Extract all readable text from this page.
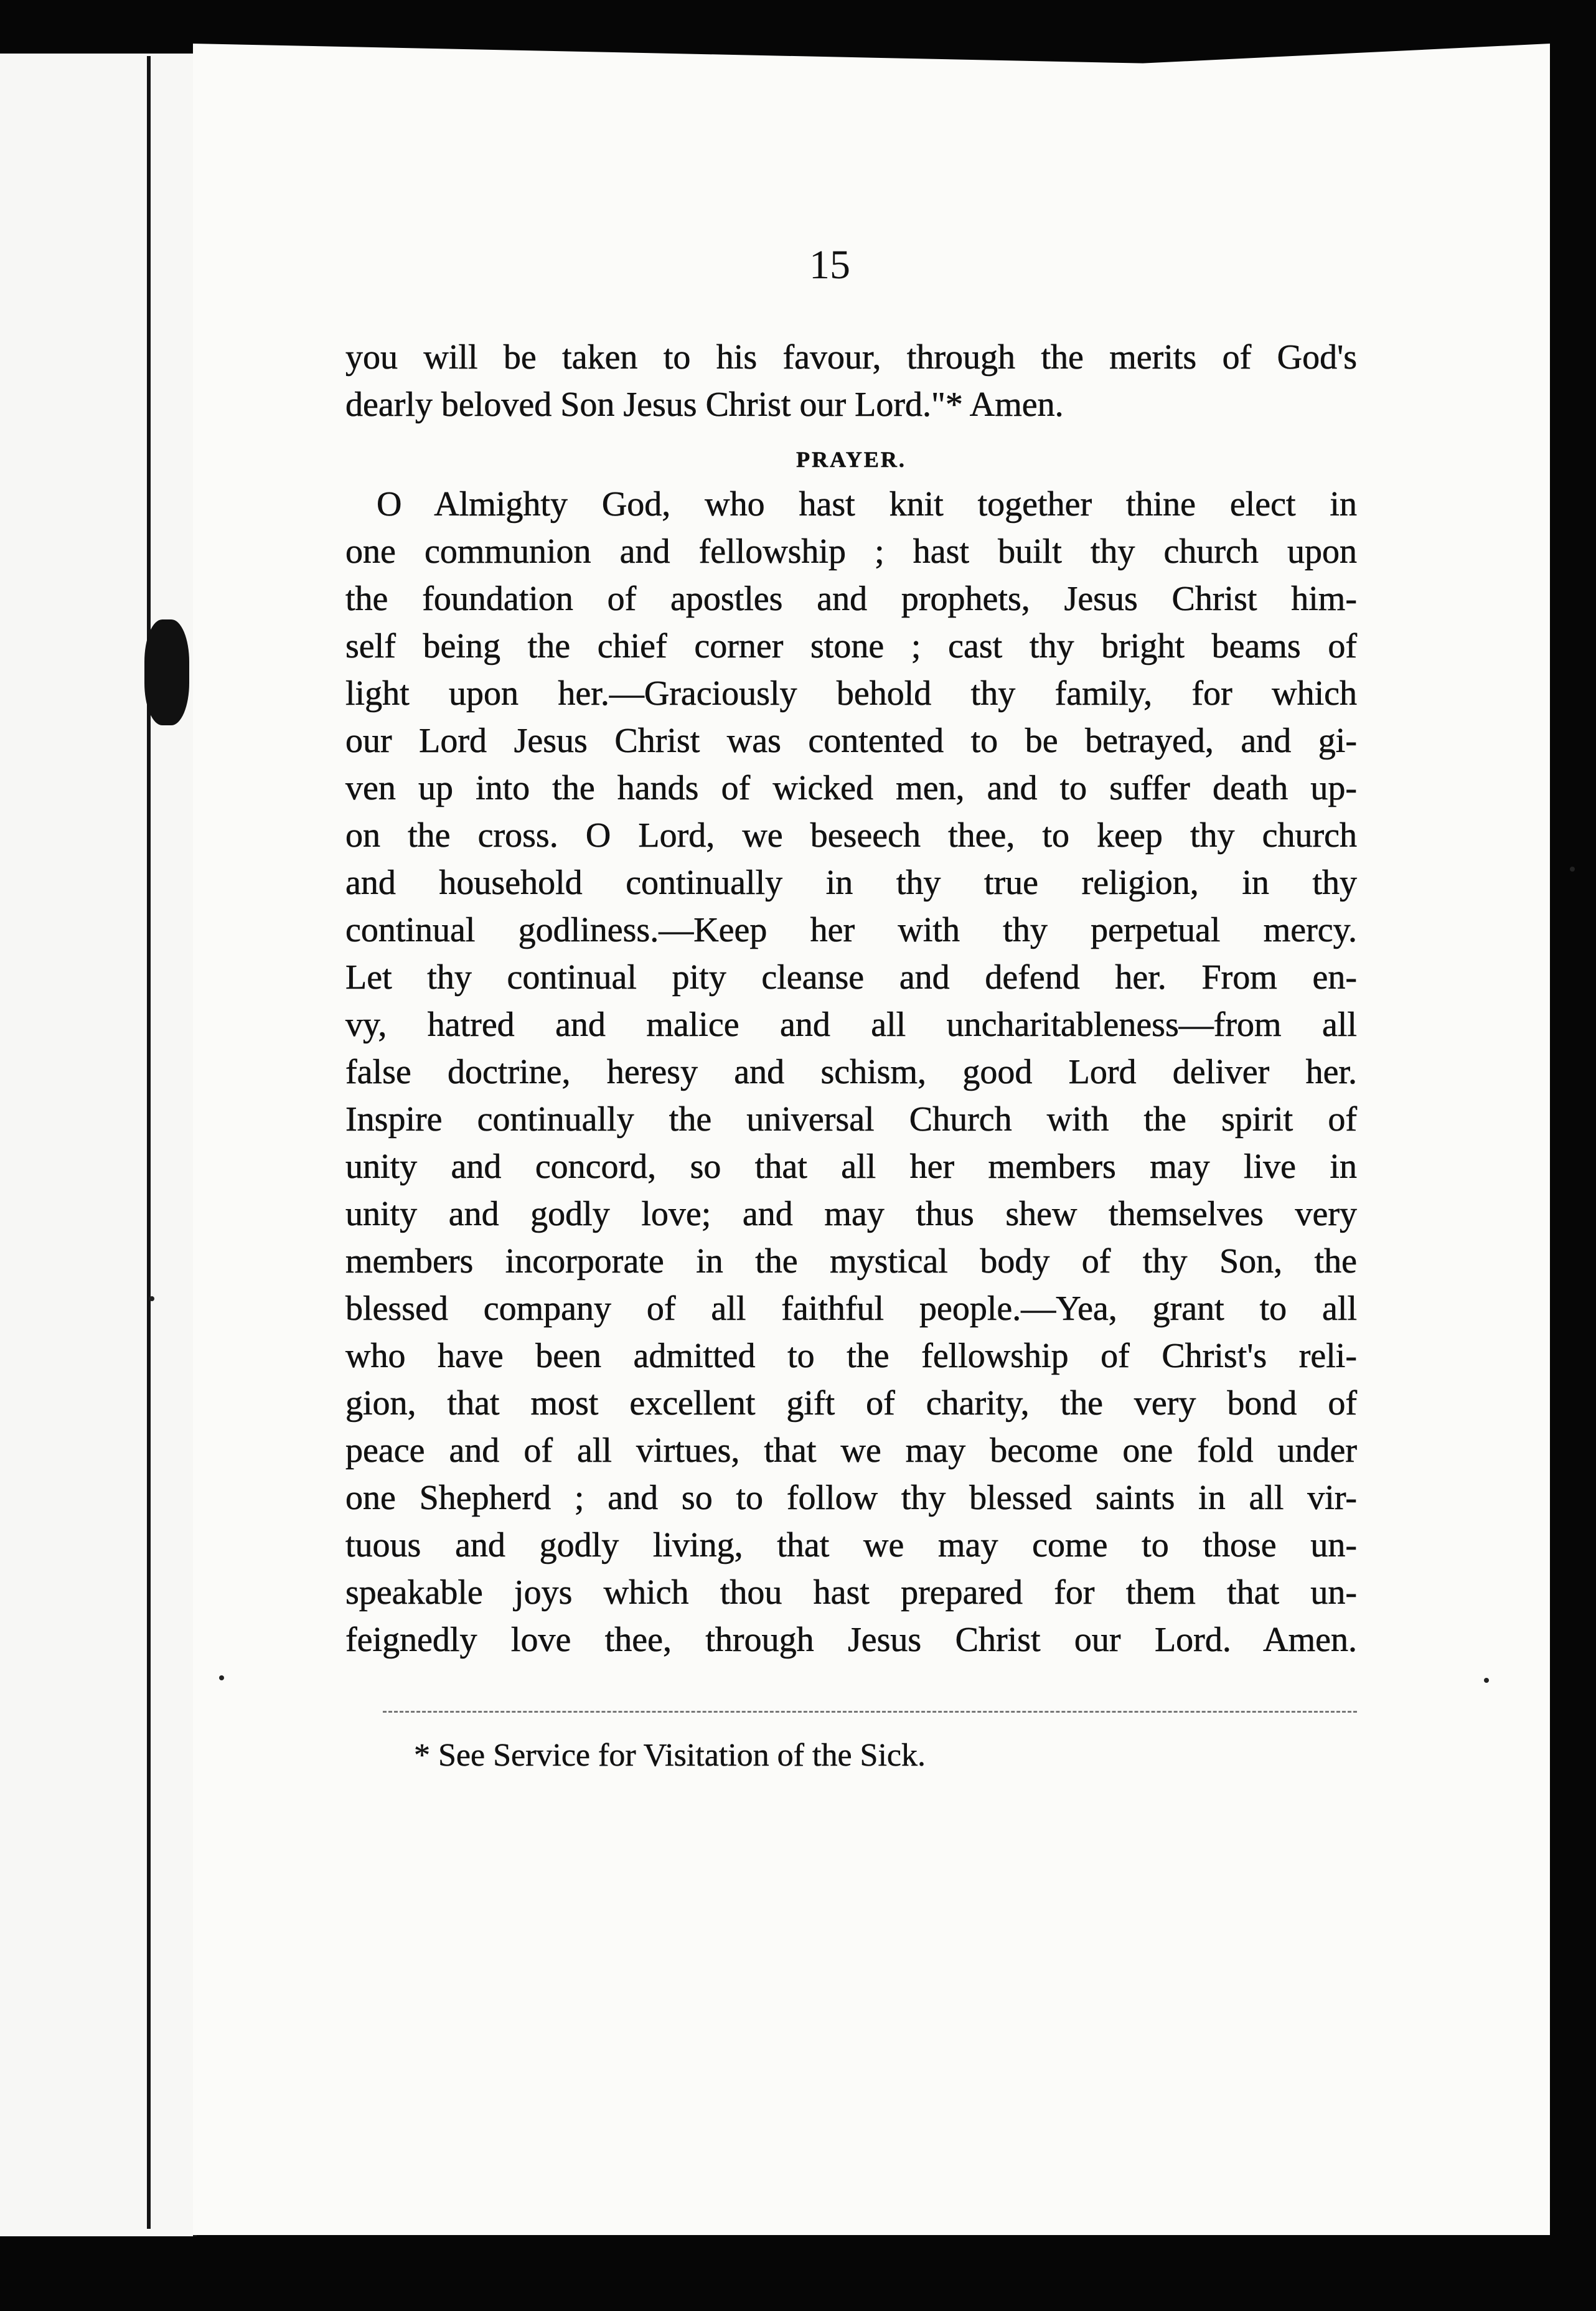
15
you will be taken to his favour, through the merits of God's
dearly beloved Son Jesus Christ our Lord."* Amen.
PRAYER.
O Almighty God, who hast knit together thine elect in
one communion and fellowship ; hast built thy church upon
the foundation of apostles and prophets, Jesus Christ him-
self being the chief corner stone ; cast thy bright beams of
light upon her.—Graciously behold thy family, for which
our Lord Jesus Christ was contented to be betrayed, and gi-
ven up into the hands of wicked men, and to suffer death up-
on the cross. O Lord, we beseech thee, to keep thy church
and household continually in thy true religion, in thy
continual godliness.—Keep her with thy perpetual mercy.
Let thy continual pity cleanse and defend her. From en-
vy, hatred and malice and all uncharitableness—from all
false doctrine, heresy and schism, good Lord deliver her.
Inspire continually the universal Church with the spirit of
unity and concord, so that all her members may live in
unity and godly love; and may thus shew themselves very
members incorporate in the mystical body of thy Son, the
blessed company of all faithful people.—Yea, grant to all
who have been admitted to the fellowship of Christ's reli-
gion, that most excellent gift of charity, the very bond of
peace and of all virtues, that we may become one fold under
one Shepherd ; and so to follow thy blessed saints in all vir-
tuous and godly living, that we may come to those un-
speakable joys which thou hast prepared for them that un-
feignedly love thee, through Jesus Christ our Lord. Amen.
* See Service for Visitation of the Sick.
